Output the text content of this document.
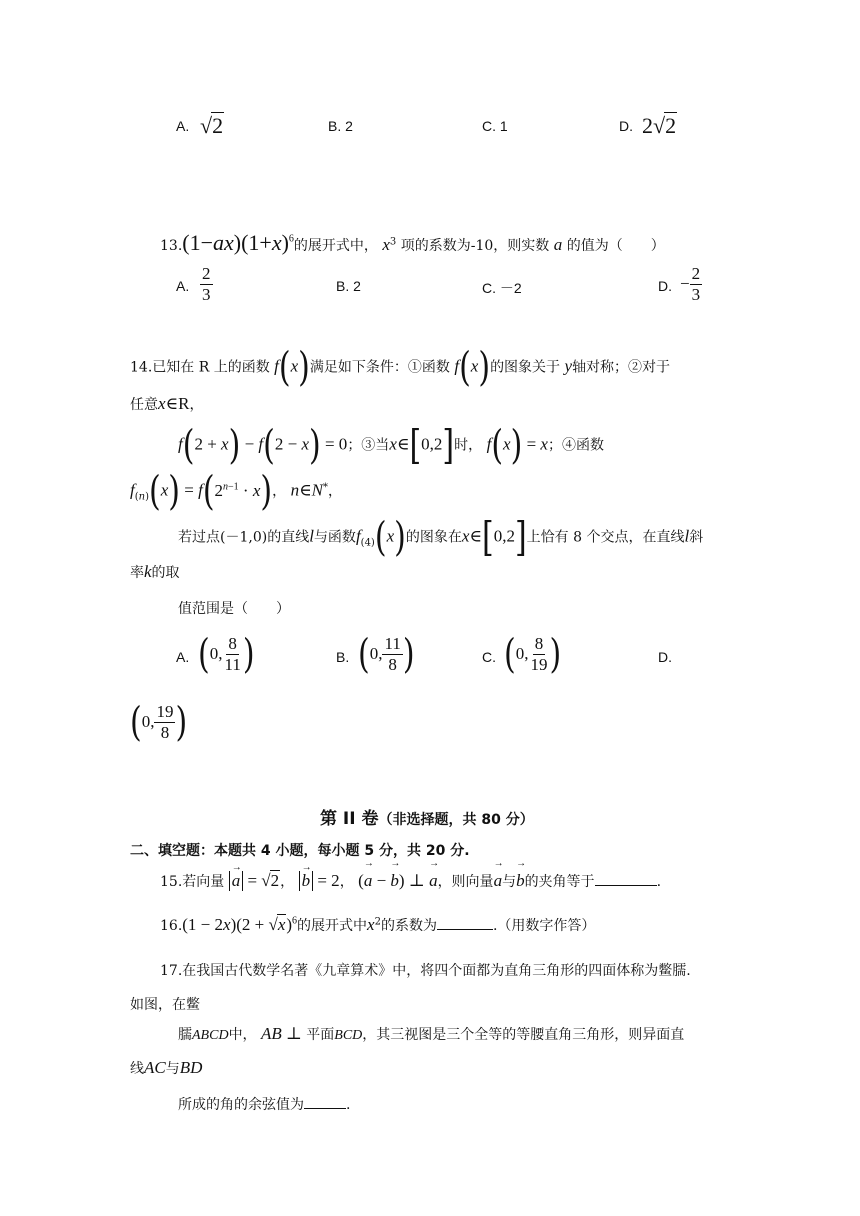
A. √2	B. 2	C. 1	D. 2√2
$13.(1-ax)(1+x)^6$的展开式中， $x^3$ 项的系数为-10，则实数 a 的值为（　　）
A. $\frac{2}{3}$	B. 2	C. －2	D. − $\frac{2}{3}$
14.已知在 R 上的函数 f(x)满足如下条件：①函数 f(x)的图象关于 y轴对称；②对于
任意x∈R，
f(2 + x) − f(2 − x) = 0；③当x∈[0,2]时， f(x) = x；④函数
$f_{(n)}(x) = f(2^{n-1} \cdot x)$， n∈N*，
若过点(－1,0)的直线l与函数$f_{(4)}(x)$的图象在x∈[0,2]上恰有 8 个交点，在直线l斜
率k的取
值范围是（　　）
A. (0, $\frac{8}{11}$ )	B. (0, $\frac{11}{8}$ )	C. (0, $\frac{8}{19}$ )	D.
(0, $\frac{19}{8}$ )
第 II 卷（非选择题，共 80 分）
二、填空题：本题共 4 小题，每小题 5 分，共 20 分.
15.若向量 → a = √2， → b = 2， (→ a − → b) ⊥ → a，则向量→ a与→ b的夹角等于	.
$16.(1 - 2x)(2 + √x)^6$的展开式中$x^2$的系数为	.（用数字作答）
17.在我国古代数学名著《九章算术》中，将四个面都为直角三角形的四面体称为鳖臑.
如图，在鳖
臑ABCD中， AB ⊥ 平面BCD，其三视图是三个全等的等腰直角三角形，则异面直
线AC与BD
所成的角的余弦值为	.
